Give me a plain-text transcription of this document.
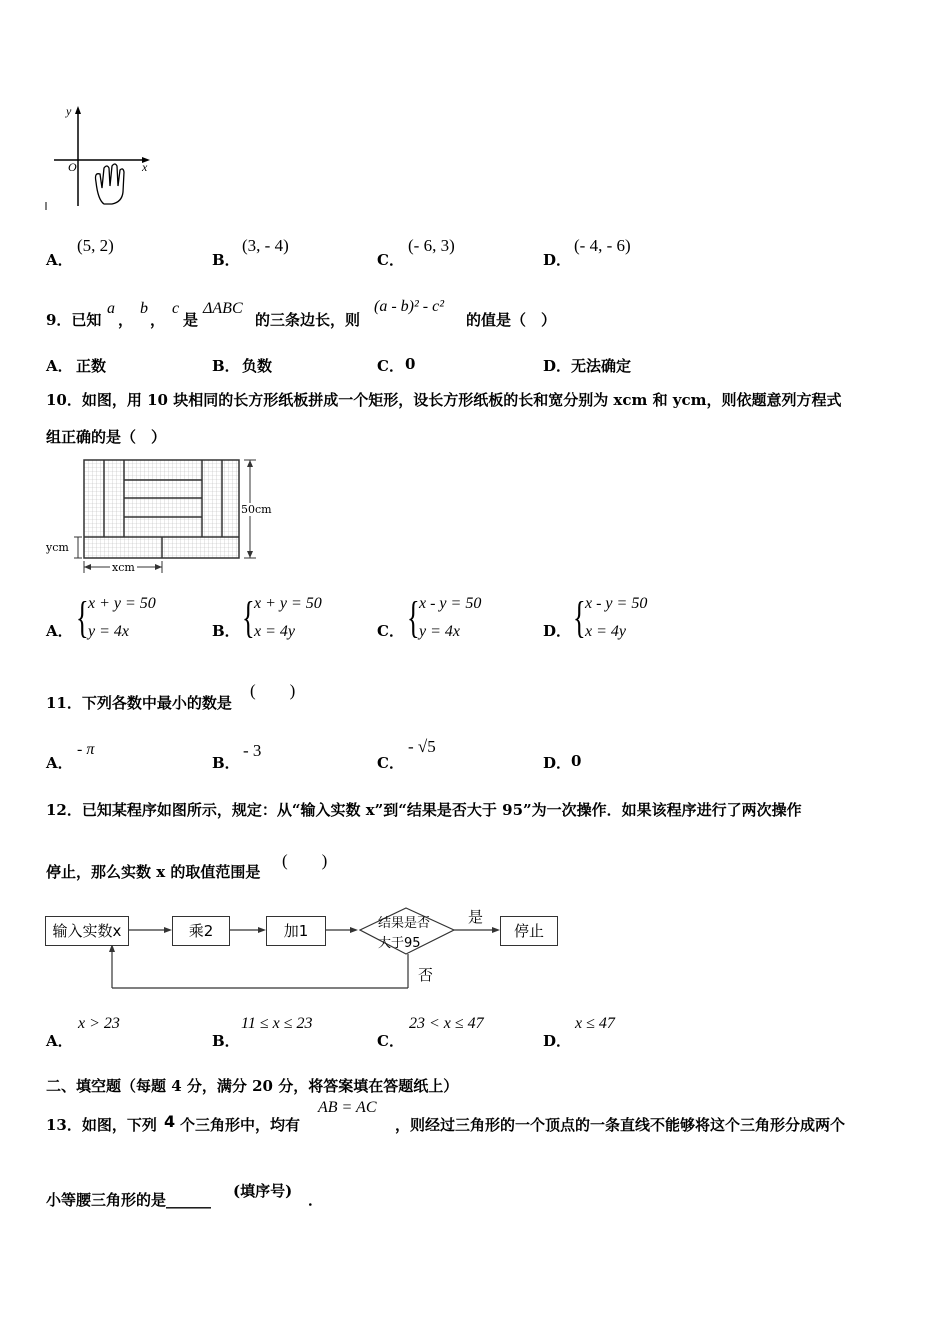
y
x
O
A．
(5, 2)
B．
(3, - 4)
C．
(- 6, 3)
D．
(- 4, - 6)
9．已知
a
，
b
，
c
是
ΔABC
的三条边长，则
(a - b)² - c²
的值是（　）
A． 正数	B． 负数	C． 0	D． 无法确定
10．如图，用 10 块相同的长方形纸板拼成一个矩形，设长方形纸板的长和宽分别为 xcm 和 ycm，则依题意列方程式
组正确的是（　）
50cm
ycm
xcm
A． { x + y = 50
y = 4x	B． { x + y = 50
x = 4y	C． { x - y = 50
y = 4x	D． { x - y = 50
x = 4y
11．下列各数中最小的数是
(　　)
A．
- π
B．
- 3
C．
- √5
D． 0
12．已知某程序如图所示，规定：从“输入实数 x”到“结果是否大于 95”为一次操作．如果该程序进行了两次操作
停止，那么实数 x 的取值范围是
(　　)
输入实数x	乘2	加1	结果是否
大于95
是
否
停止
A．
x > 23
B．
11 ≤ x ≤ 23
C．
23 < x ≤ 47
D．
x ≤ 47
二、填空题（每题 4 分，满分 20 分，将答案填在答题纸上）
13．如图，下列 4 个三角形中，均有
AB = AC
，则经过三角形的一个顶点的一条直线不能够将这个三角形分成两个
小等腰三角形的是______ (填序号) ．
